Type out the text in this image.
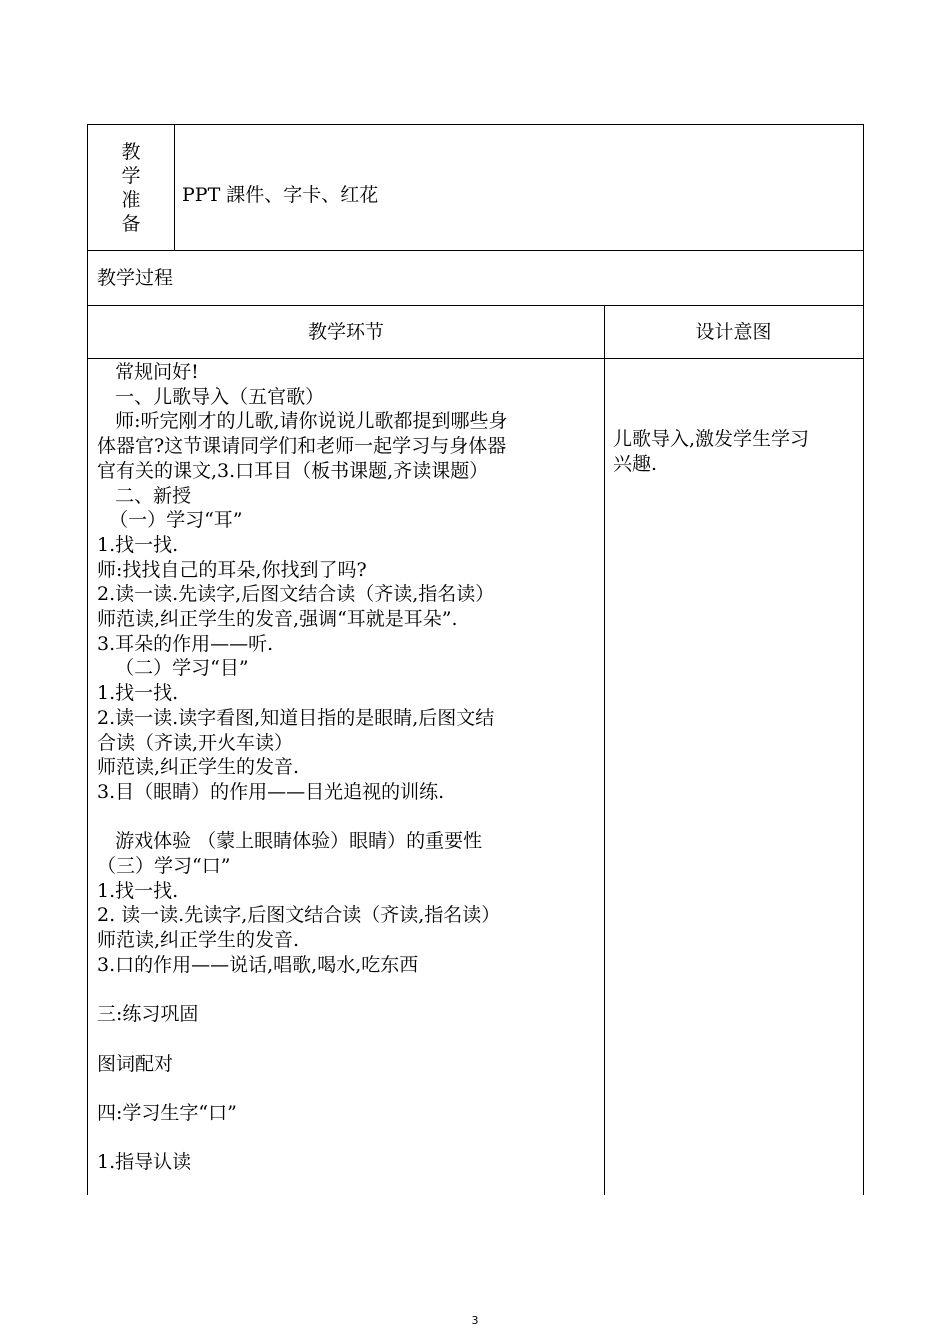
教
学
准
备
PPT 課件、字卡、红花
教学过程
教学环节	设计意图
常规问好!
一、儿歌导入（五官歌）
师:听完刚才的儿歌,请你说说儿歌都提到哪些身
体器官?这节课请同学们和老师一起学习与身体器
官有关的课文,3.口耳目（板书课题,齐读课题）
二、新授
（一）学习“耳”
1.找一找.
师:找找自己的耳朵,你找到了吗?
2.读一读.先读字,后图文结合读（齐读,指名读）
师范读,纠正学生的发音,强调“耳就是耳朵”.
3.耳朵的作用——听.
（二）学习“目”
1.找一找.
2.读一读.读字看图,知道目指的是眼睛,后图文结
合读（齐读,开火车读）
师范读,纠正学生的发音.
3.目（眼睛）的作用——目光追视的训练.
游戏体验 （蒙上眼睛体验）眼睛）的重要性
（三）学习“口”
1.找一找.
2. 读一读.先读字,后图文结合读（齐读,指名读）
师范读,纠正学生的发音.
3.口的作用——说话,唱歌,喝水,吃东西
三:练习巩固
图词配对
四:学习生字“口”
1.指导认读
儿歌导入,激发学生学习
兴趣.
3
